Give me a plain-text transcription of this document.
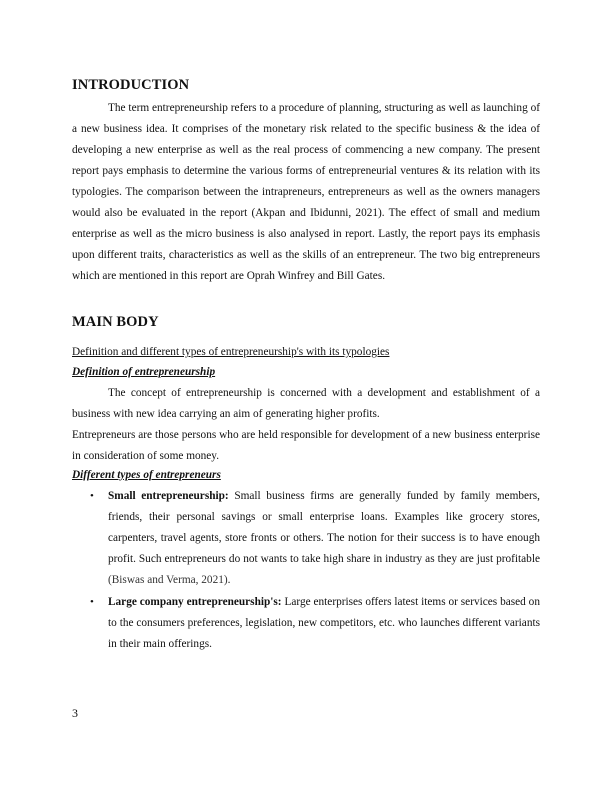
INTRODUCTION

The term entrepreneurship refers to a procedure of planning, structuring as well as launching of a new business idea. It comprises of the monetary risk related to the specific business & the idea of developing a new enterprise as well as the real process of commencing a new company. The present report pays emphasis to determine the various forms of entrepreneurial ventures & its relation with its typologies. The comparison between the intrapreneurs, entrepreneurs as well as the owners managers would also be evaluated in the report (Akpan and Ibidunni, 2021). The effect of small and medium enterprise as well as the micro business is also analysed in report. Lastly, the report pays its emphasis upon different traits, characteristics as well as the skills of an entrepreneur. The two big entrepreneurs which are mentioned in this report are Oprah Winfrey and Bill Gates.

MAIN BODY

Definition and different types of entrepreneurship's with its typologies

Definition of entrepreneurship

The concept of entrepreneurship is concerned with a development and establishment of a business with new idea carrying an aim of generating higher profits.

Entrepreneurs are those persons who are held responsible for development of a new business enterprise in consideration of some money.

Different types of entrepreneurs

• Small entrepreneurship: Small business firms are generally funded by family members, friends, their personal savings or small enterprise loans. Examples like grocery stores, carpenters, travel agents, store fronts or others. The notion for their success is to have enough profit. Such entrepreneurs do not wants to take high share in industry as they are just profitable (Biswas and Verma, 2021).
• Large company entrepreneurship's: Large enterprises offers latest items or services based on to the consumers preferences, legislation, new competitors, etc. who launches different variants in their main offerings.
3
